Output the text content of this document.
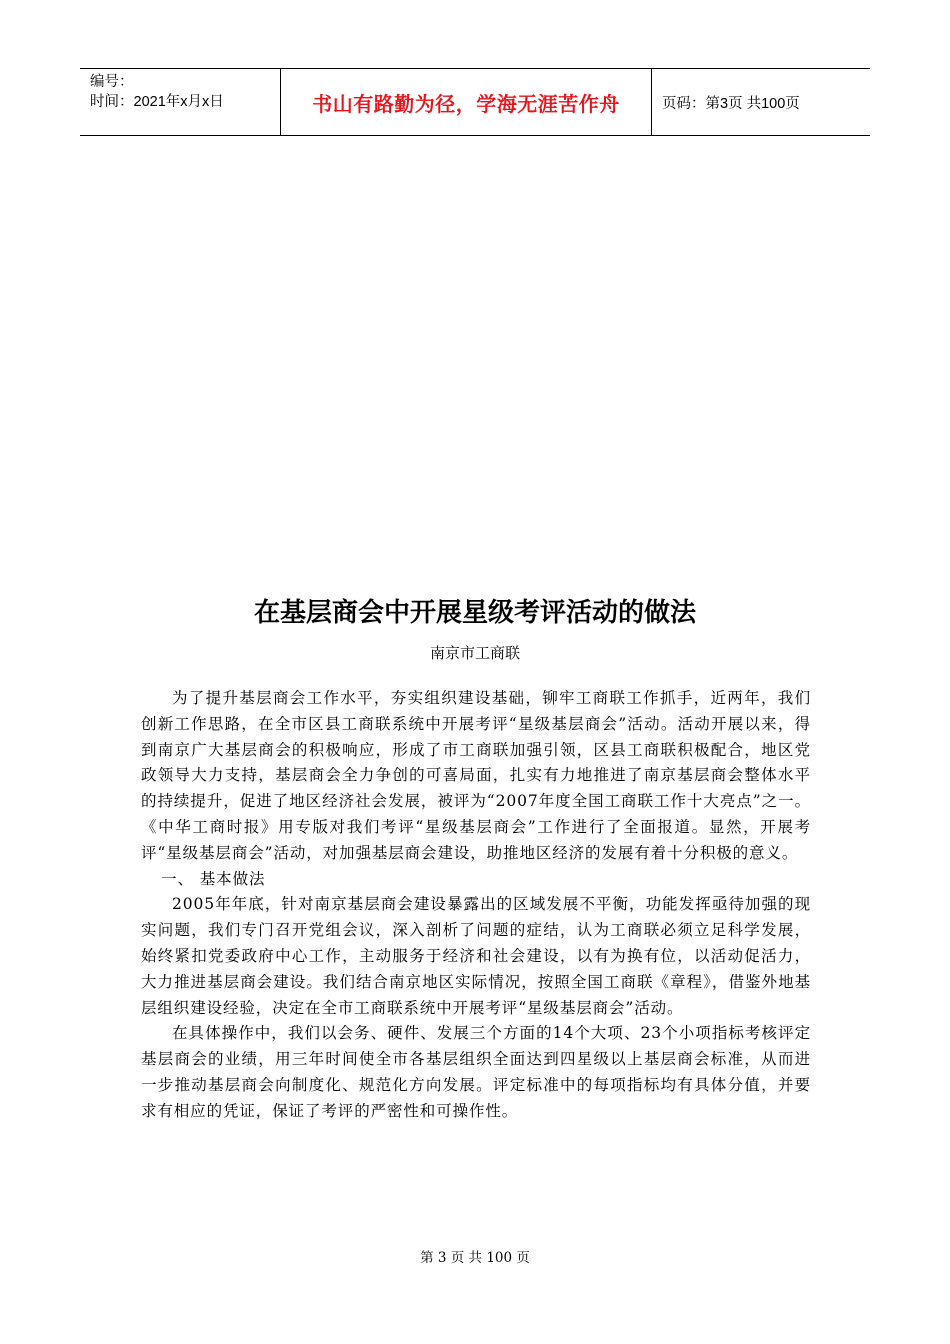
编号：
时间：2021年x月x日	书山有路勤为径，学海无涯苦作舟	页码：第3页 共100页
在基层商会中开展星级考评活动的做法
南京市工商联

为了提升基层商会工作水平，夯实组织建设基础，铆牢工商联工作抓手，近两年，我们创新工作思路，在全市区县工商联系统中开展考评“星级基层商会”活动。活动开展以来，得到南京广大基层商会的积极响应，形成了市工商联加强引领，区县工商联积极配合，地区党政领导大力支持，基层商会全力争创的可喜局面，扎实有力地推进了南京基层商会整体水平的持续提升，促进了地区经济社会发展，被评为“2007年度全国工商联工作十大亮点”之一。《中华工商时报》用专版对我们考评“星级基层商会”工作进行了全面报道。显然，开展考评“星级基层商会”活动，对加强基层商会建设，助推地区经济的发展有着十分积极的意义。

一、 基本做法

2005年年底，针对南京基层商会建设暴露出的区域发展不平衡，功能发挥亟待加强的现实问题，我们专门召开党组会议，深入剖析了问题的症结，认为工商联必须立足科学发展，始终紧扣党委政府中心工作，主动服务于经济和社会建设，以有为换有位，以活动促活力，大力推进基层商会建设。我们结合南京地区实际情况，按照全国工商联《章程》，借鉴外地基层组织建设经验，决定在全市工商联系统中开展考评“星级基层商会”活动。

在具体操作中，我们以会务、硬件、发展三个方面的14个大项、23个小项指标考核评定基层商会的业绩，用三年时间使全市各基层组织全面达到四星级以上基层商会标准，从而进一步推动基层商会向制度化、规范化方向发展。评定标准中的每项指标均有具体分值，并要求有相应的凭证，保证了考评的严密性和可操作性。

第 3 页 共 100 页
